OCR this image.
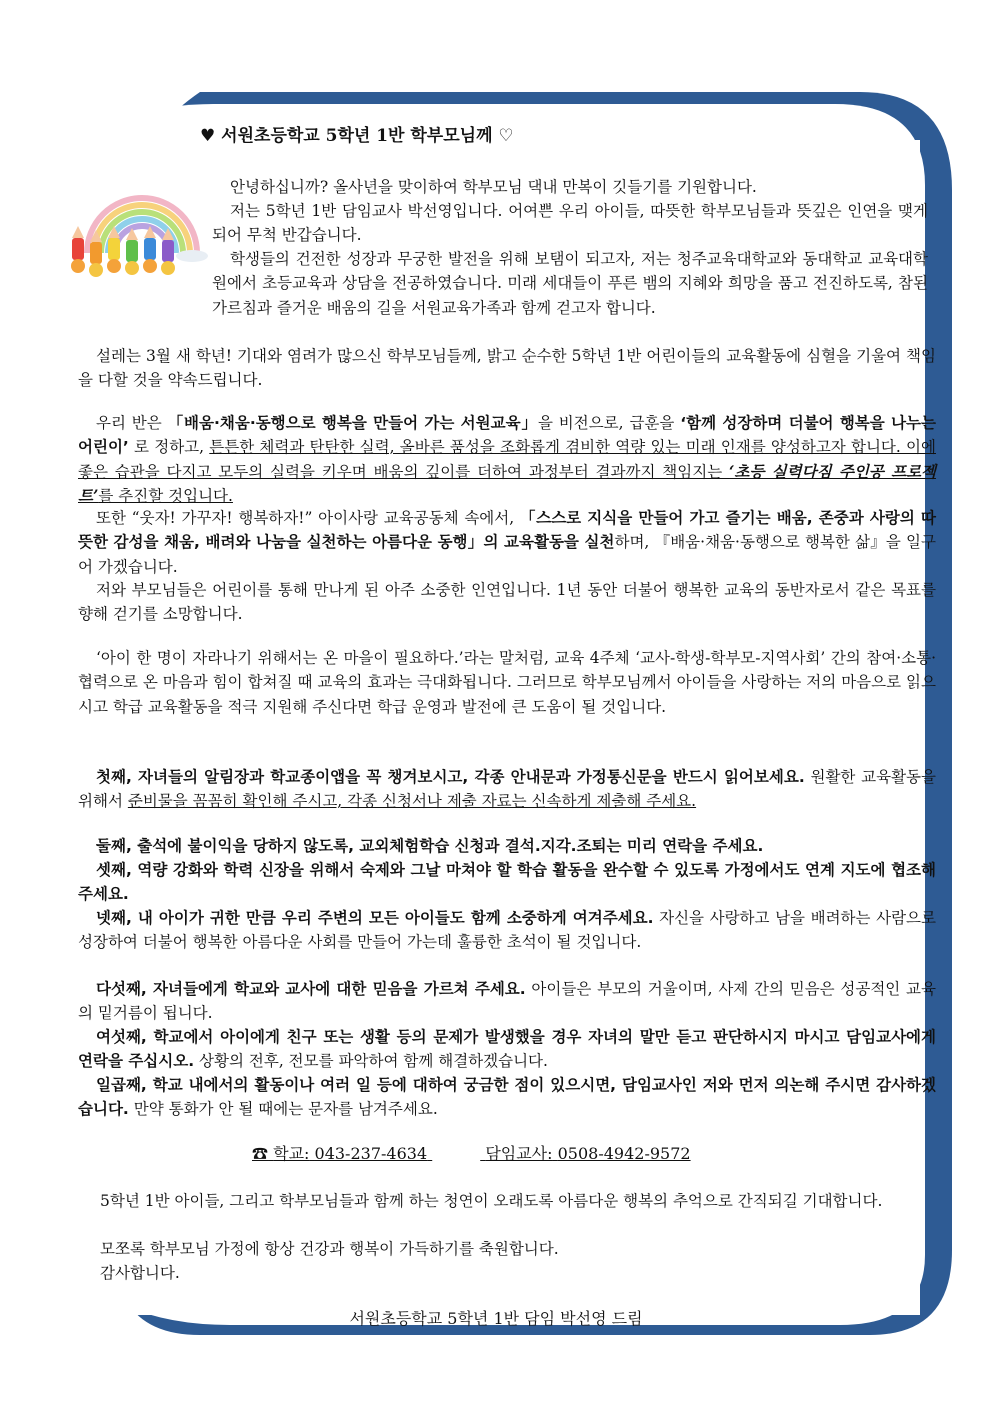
♥ 서원초등학교 5학년 1반 학부모님께 ♡
안녕하십니까? 올사년을 맞이하여 학부모님 댁내 만복이 깃들기를 기원합니다.
저는 5학년 1반 담임교사 박선영입니다. 어여쁜 우리 아이들, 따뜻한 학부모님들과 뜻깊은 인연을 맺게 되어 무척 반갑습니다.
학생들의 건전한 성장과 무궁한 발전을 위해 보탬이 되고자, 저는 청주교육대학교와 동대학교 교육대학원에서 초등교육과 상담을 전공하였습니다. 미래 세대들이 푸른 뱀의 지혜와 희망을 품고 전진하도록, 참된 가르침과 즐거운 배움의 길을 서원교육가족과 함께 걷고자 합니다.
설레는 3월 새 학년! 기대와 염려가 많으신 학부모님들께, 밝고 순수한 5학년 1반 어린이들의 교육활동에 심혈을 기울여 책임을 다할 것을 약속드립니다.
우리 반은 「배움·채움·동행으로 행복을 만들어 가는 서원교육」을 비전으로, 급훈을 ‘함께 성장하며 더불어 행복을 나누는 어린이’ 로 정하고, 튼튼한 체력과 탄탄한 실력, 올바른 품성을 조화롭게 겸비한 역량 있는 미래 인재를 양성하고자 합니다. 이에 좋은 습관을 다지고 모두의 실력을 키우며 배움의 깊이를 더하여 과정부터 결과까지 책임지는 ‘초등 실력다짐 주인공 프로젝트’를 추진할 것입니다.
또한 “웃자! 가꾸자! 행복하자!” 아이사랑 교육공동체 속에서, 「스스로 지식을 만들어 가고 즐기는 배움, 존중과 사랑의 따뜻한 감성을 채움, 배려와 나눔을 실천하는 아름다운 동행」의 교육활동을 실천하며, 『배움·채움·동행으로 행복한 삶』을 일구어 가겠습니다.
저와 부모님들은 어린이를 통해 만나게 된 아주 소중한 인연입니다. 1년 동안 더불어 행복한 교육의 동반자로서 같은 목표를 향해 걷기를 소망합니다.
‘아이 한 명이 자라나기 위해서는 온 마을이 필요하다.’라는 말처럼, 교육 4주체 ‘교사-학생-학부모-지역사회’ 간의 참여·소통·협력으로 온 마음과 힘이 합쳐질 때 교육의 효과는 극대화됩니다. 그러므로 학부모님께서 아이들을 사랑하는 저의 마음으로 읽으시고 학급 교육활동을 적극 지원해 주신다면 학급 운영과 발전에 큰 도움이 될 것입니다.
첫째, 자녀들의 알림장과 학교종이앱을 꼭 챙겨보시고, 각종 안내문과 가정통신문을 반드시 읽어보세요. 원활한 교육활동을 위해서 준비물을 꼼꼼히 확인해 주시고, 각종 신청서나 제출 자료는 신속하게 제출해 주세요.
둘째, 출석에 불이익을 당하지 않도록, 교외체험학습 신청과 결석.지각.조퇴는 미리 연락을 주세요.
셋째, 역량 강화와 학력 신장을 위해서 숙제와 그날 마쳐야 할 학습 활동을 완수할 수 있도록 가정에서도 연계 지도에 협조해 주세요.
넷째, 내 아이가 귀한 만큼 우리 주변의 모든 아이들도 함께 소중하게 여겨주세요. 자신을 사랑하고 남을 배려하는 사람으로 성장하여 더불어 행복한 아름다운 사회를 만들어 가는데 훌륭한 초석이 될 것입니다.
다섯째, 자녀들에게 학교와 교사에 대한 믿음을 가르쳐 주세요. 아이들은 부모의 거울이며, 사제 간의 믿음은 성공적인 교육의 밑거름이 됩니다.
여섯째, 학교에서 아이에게 친구 또는 생활 등의 문제가 발생했을 경우 자녀의 말만 듣고 판단하시지 마시고 담임교사에게 연락을 주십시오. 상황의 전후, 전모를 파악하여 함께 해결하겠습니다.
일곱째, 학교 내에서의 활동이나 여러 일 등에 대하여 궁금한 점이 있으시면, 담임교사인 저와 먼저 의논해 주시면 감사하겠습니다. 만약 통화가 안 될 때에는 문자를 남겨주세요.
☎ 학교: 043-237-4634	담임교사: 0508-4942-9572
5학년 1반 아이들, 그리고 학부모님들과 함께 하는 청연이 오래도록 아름다운 행복의 추억으로 간직되길 기대합니다.
모쪼록 학부모님 가정에 항상 건강과 행복이 가득하기를 축원합니다.
감사합니다.
서원초등학교 5학년 1반 담임 박선영 드림
